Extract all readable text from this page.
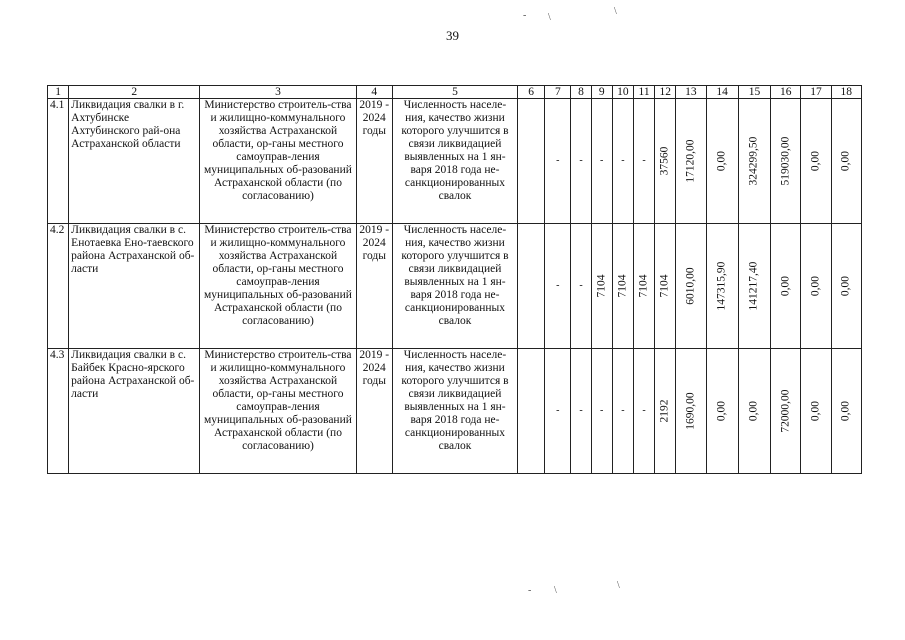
39
- \
\
- \	\
1	2	3	4	5	6	7	8	9	10	11	12	13	14	15	16	17	18
4.1	Ликвидация свалки в г. Ахтубинске Ахтубинского рай-она Астраханской области	Министерство строитель-ства и жилищно-коммунального хозяйства Астраханской области, ор-ганы местного самоуправ-ления муниципальных об-разований Астраханской области (по согласованию)	2019 - 2024 годы	Численность населе-ния, качество жизни которого улучшится в связи ликвидацией выявленных на 1 ян-варя 2018 года не-санкционированных свалок		-	-	-	-	-	37560	17120,00	0,00	324299,50	519030,00	0,00	0,00

4.2	Ликвидация свалки в с. Енотаевка Ено-таевского района Астраханской об-ласти	Министерство строитель-ства и жилищно-коммунального хозяйства Астраханской области, ор-ганы местного самоуправ-ления муниципальных об-разований Астраханской области (по согласованию)	2019 - 2024 годы	Численность населе-ния, качество жизни которого улучшится в связи ликвидацией выявленных на 1 ян-варя 2018 года не-санкционированных свалок		-	-	7104	7104	7104	7104	6010,00	147315,90	141217,40	0,00	0,00	0,00

4.3	Ликвидация свалки в с. Байбек Красно-ярского района Астраханской об-ласти	Министерство строитель-ства и жилищно-коммунального хозяйства Астраханской области, ор-ганы местного самоуправ-ления муниципальных об-разований Астраханской области (по согласованию)	2019 - 2024 годы	Численность населе-ния, качество жизни которого улучшится в связи ликвидацией выявленных на 1 ян-варя 2018 года не-санкционированных свалок		-	-	-	-	-	2192	1690,00	0,00	0,00	72000,00	0,00	0,00
